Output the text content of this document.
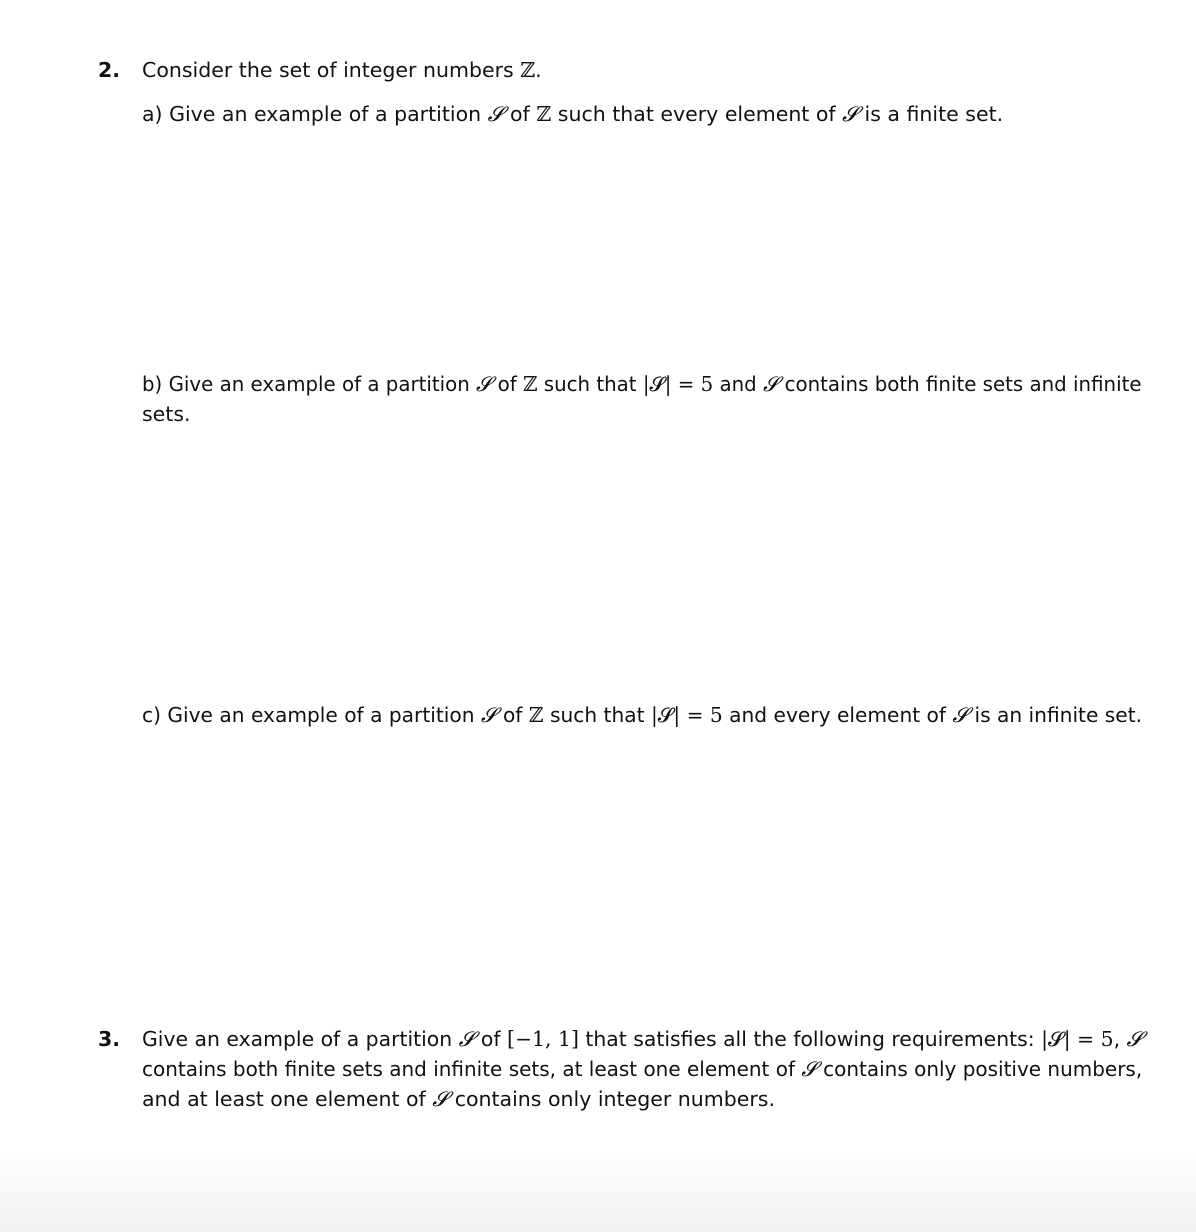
2. Consider the set of integer numbers ℤ.
a) Give an example of a partition 𝓢 of ℤ such that every element of 𝓢 is a finite set.
b) Give an example of a partition 𝓢 of ℤ such that |𝓢| = 5 and 𝓢 contains both finite sets and infinite
sets.
c) Give an example of a partition 𝓢 of ℤ such that |𝓢| = 5 and every element of 𝓢 is an infinite set.
3. Give an example of a partition 𝓢 of [−1, 1] that satisfies all the following requirements: |𝓢| = 5, 𝓢
contains both finite sets and infinite sets, at least one element of 𝓢 contains only positive numbers,
and at least one element of 𝓢 contains only integer numbers.
